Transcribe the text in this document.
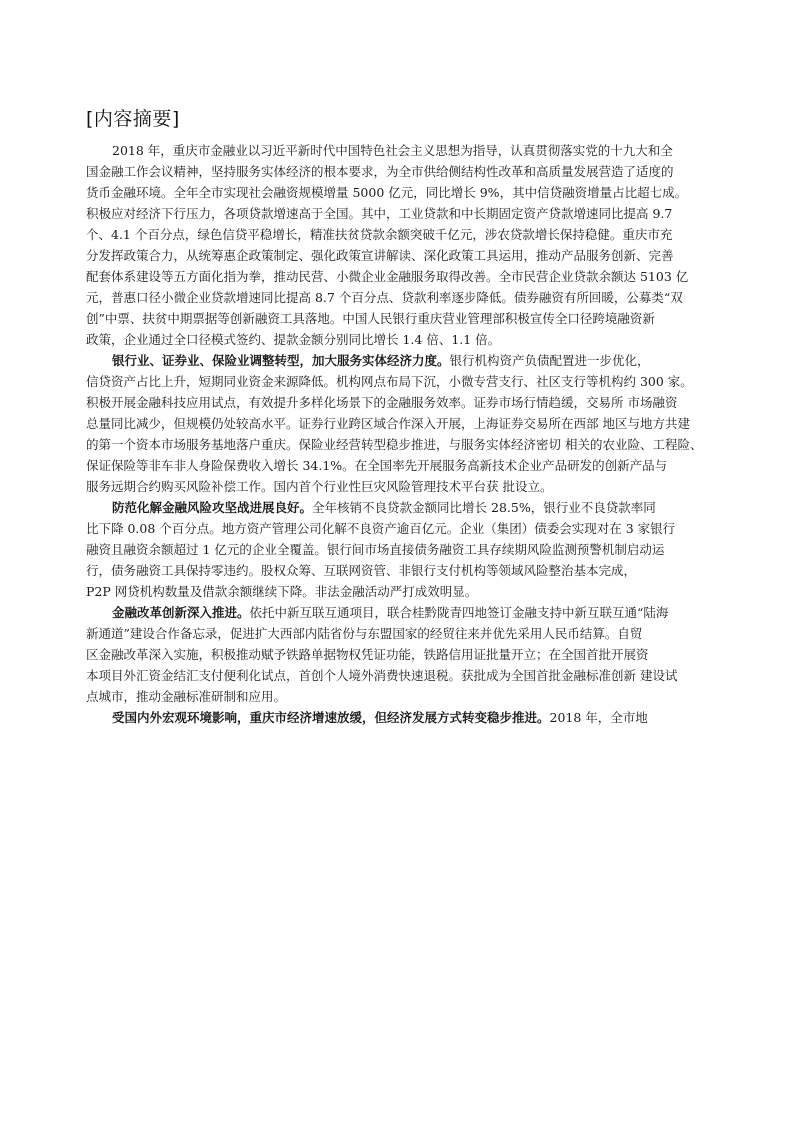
[内容摘要]
2018 年，重庆市金融业以习近平新时代中国特色社会主义思想为指导，认真贯彻落实党的十九大和全
国金融工作会议精神，坚持服务实体经济的根本要求，为全市供给侧结构性改革和高质量发展营造了适度的
货币金融环境。全年全市实现社会融资规模增量 5000 亿元，同比增长 9%，其中信贷融资增量占比超七成。
积极应对经济下行压力，各项贷款增速高于全国。其中，工业贷款和中长期固定资产贷款增速同比提高 9.7
个、4.1 个百分点，绿色信贷平稳增长，精准扶贫贷款余额突破千亿元，涉农贷款增长保持稳健。重庆市充
分发挥政策合力，从统筹惠企政策制定、强化政策宣讲解读、深化政策工具运用，推动产品服务创新、完善
配套体系建设等五方面化指为拳，推动民营、小微企业金融服务取得改善。全市民营企业贷款余额达 5103 亿
元，普惠口径小微企业贷款增速同比提高 8.7 个百分点、贷款利率逐步降低。债券融资有所回暖，公募类“双
创”中票、扶贫中期票据等创新融资工具落地。中国人民银行重庆营业管理部积极宣传全口径跨境融资新
政策，企业通过全口径模式签约、提款金额分别同比增长 1.4 倍、1.1 倍。
银行业、证券业、保险业调整转型，加大服务实体经济力度。银行机构资产负债配置进一步优化，
信贷资产占比上升，短期同业资金来源降低。机构网点布局下沉，小微专营支行、社区支行等机构约 300 家。
积极开展金融科技应用试点，有效提升多样化场景下的金融服务效率。证券市场行情趋缓，交易所 市场融资
总量同比减少，但规模仍处较高水平。证券行业跨区域合作深入开展，上海证券交易所在西部 地区与地方共建
的第一个资本市场服务基地落户重庆。保险业经营转型稳步推进，与服务实体经济密切 相关的农业险、工程险、
保证保险等非车非人身险保费收入增长 34.1%。在全国率先开展服务高新技术企业产品研发的创新产品与
服务远期合约购买风险补偿工作。国内首个行业性巨灾风险管理技术平台获 批设立。
防范化解金融风险攻坚战进展良好。全年核销不良贷款金额同比增长 28.5%，银行业不良贷款率同
比下降 0.08 个百分点。地方资产管理公司化解不良资产逾百亿元。企业（集团）债委会实现对在 3 家银行
融资且融资余额超过 1 亿元的企业全覆盖。银行间市场直接债务融资工具存续期风险监测预警机制启动运
行，债务融资工具保持零违约。股权众筹、互联网资管、非银行支付机构等领域风险整治基本完成，
P2P 网贷机构数量及借款余额继续下降。非法金融活动严打成效明显。
金融改革创新深入推进。依托中新互联互通项目，联合桂黔陇青四地签订金融支持中新互联互通“陆海
新通道”建设合作备忘录，促进扩大西部内陆省份与东盟国家的经贸往来并优先采用人民币结算。自贸
区金融改革深入实施，积极推动赋予铁路单据物权凭证功能，铁路信用证批量开立；在全国首批开展资
本项目外汇资金结汇支付便利化试点，首创个人境外消费快速退税。获批成为全国首批金融标准创新 建设试
点城市，推动金融标准研制和应用。
受国内外宏观环境影响，重庆市经济增速放缓，但经济发展方式转变稳步推进。2018 年，全市地
